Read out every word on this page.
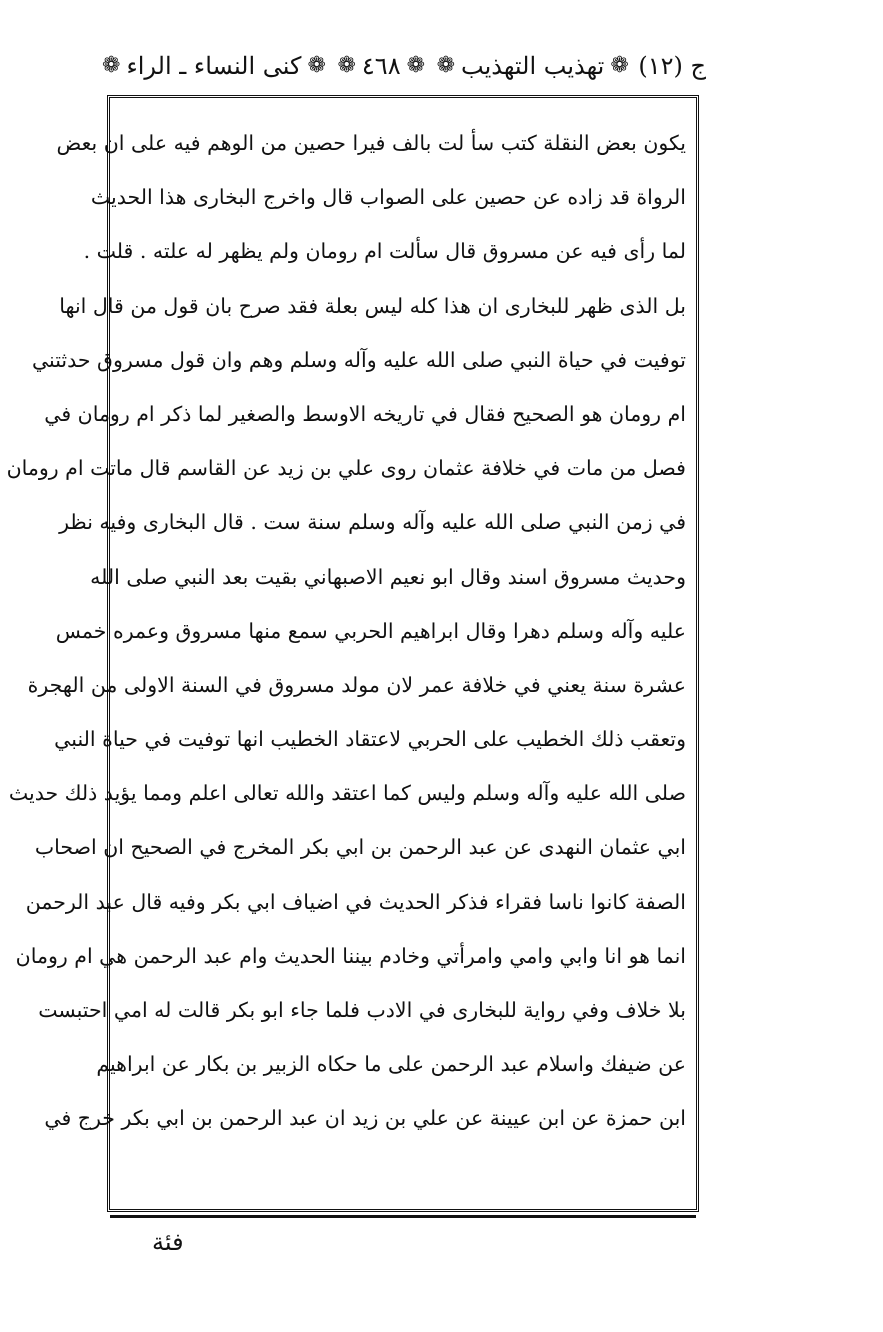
ج (١٢)
❁
تهذيب التهذيب
❁
❁
٤٦٨
❁
❁
كنى النساء ـ الراء
❁
يكون بعض النقلة كتب سأ لت بالف فيرا حصين من الوهم فيه على ان بعض
الرواة قد زاده عن حصين على الصواب قال واخرج البخارى هذا الحديث
لما رأى فيه عن مسروق قال سألت ام رومان ولم يظهر له علته . قلت .
بل الذى ظهر للبخارى ان هذا كله ليس بعلة فقد صرح بان قول من قال انها
توفيت في حياة النبي صلى الله عليه وآله وسلم وهم وان قول مسروق حدثتني
ام رومان هو الصحيح فقال في تاريخه الاوسط والصغير لما ذكر ام رومان في
فصل من مات في خلافة عثمان روى علي بن زيد عن القاسم قال ماتت ام رومان
في زمن النبي صلى الله عليه وآله وسلم سنة ست . قال البخارى وفيه نظر
وحديث مسروق اسند وقال ابو نعيم الاصبهاني بقيت بعد النبي صلى الله
عليه وآله وسلم دهرا وقال ابراهيم الحربي سمع منها مسروق وعمره خمس
عشرة سنة يعني في خلافة عمر لان مولد مسروق في السنة الاولى من الهجرة
وتعقب ذلك الخطيب على الحربي لاعتقاد الخطيب انها توفيت في حياة النبي
صلى الله عليه وآله وسلم وليس كما اعتقد والله تعالى اعلم ومما يؤيد ذلك حديث
ابي عثمان النهدى عن عبد الرحمن بن ابي بكر المخرج في الصحيح ان اصحاب
الصفة كانوا ناسا فقراء فذكر الحديث في اضياف ابي بكر وفيه قال عبد الرحمن
انما هو انا وابي وامي وامرأتي وخادم بيننا الحديث وام عبد الرحمن هي ام رومان
بلا خلاف وفي رواية للبخارى في الادب فلما جاء ابو بكر قالت له امي احتبست
عن ضيفك واسلام عبد الرحمن على ما حكاه الزبير بن بكار عن ابراهيم
ابن حمزة عن ابن عيينة عن علي بن زيد ان عبد الرحمن بن ابي بكر خرج في
فئة
